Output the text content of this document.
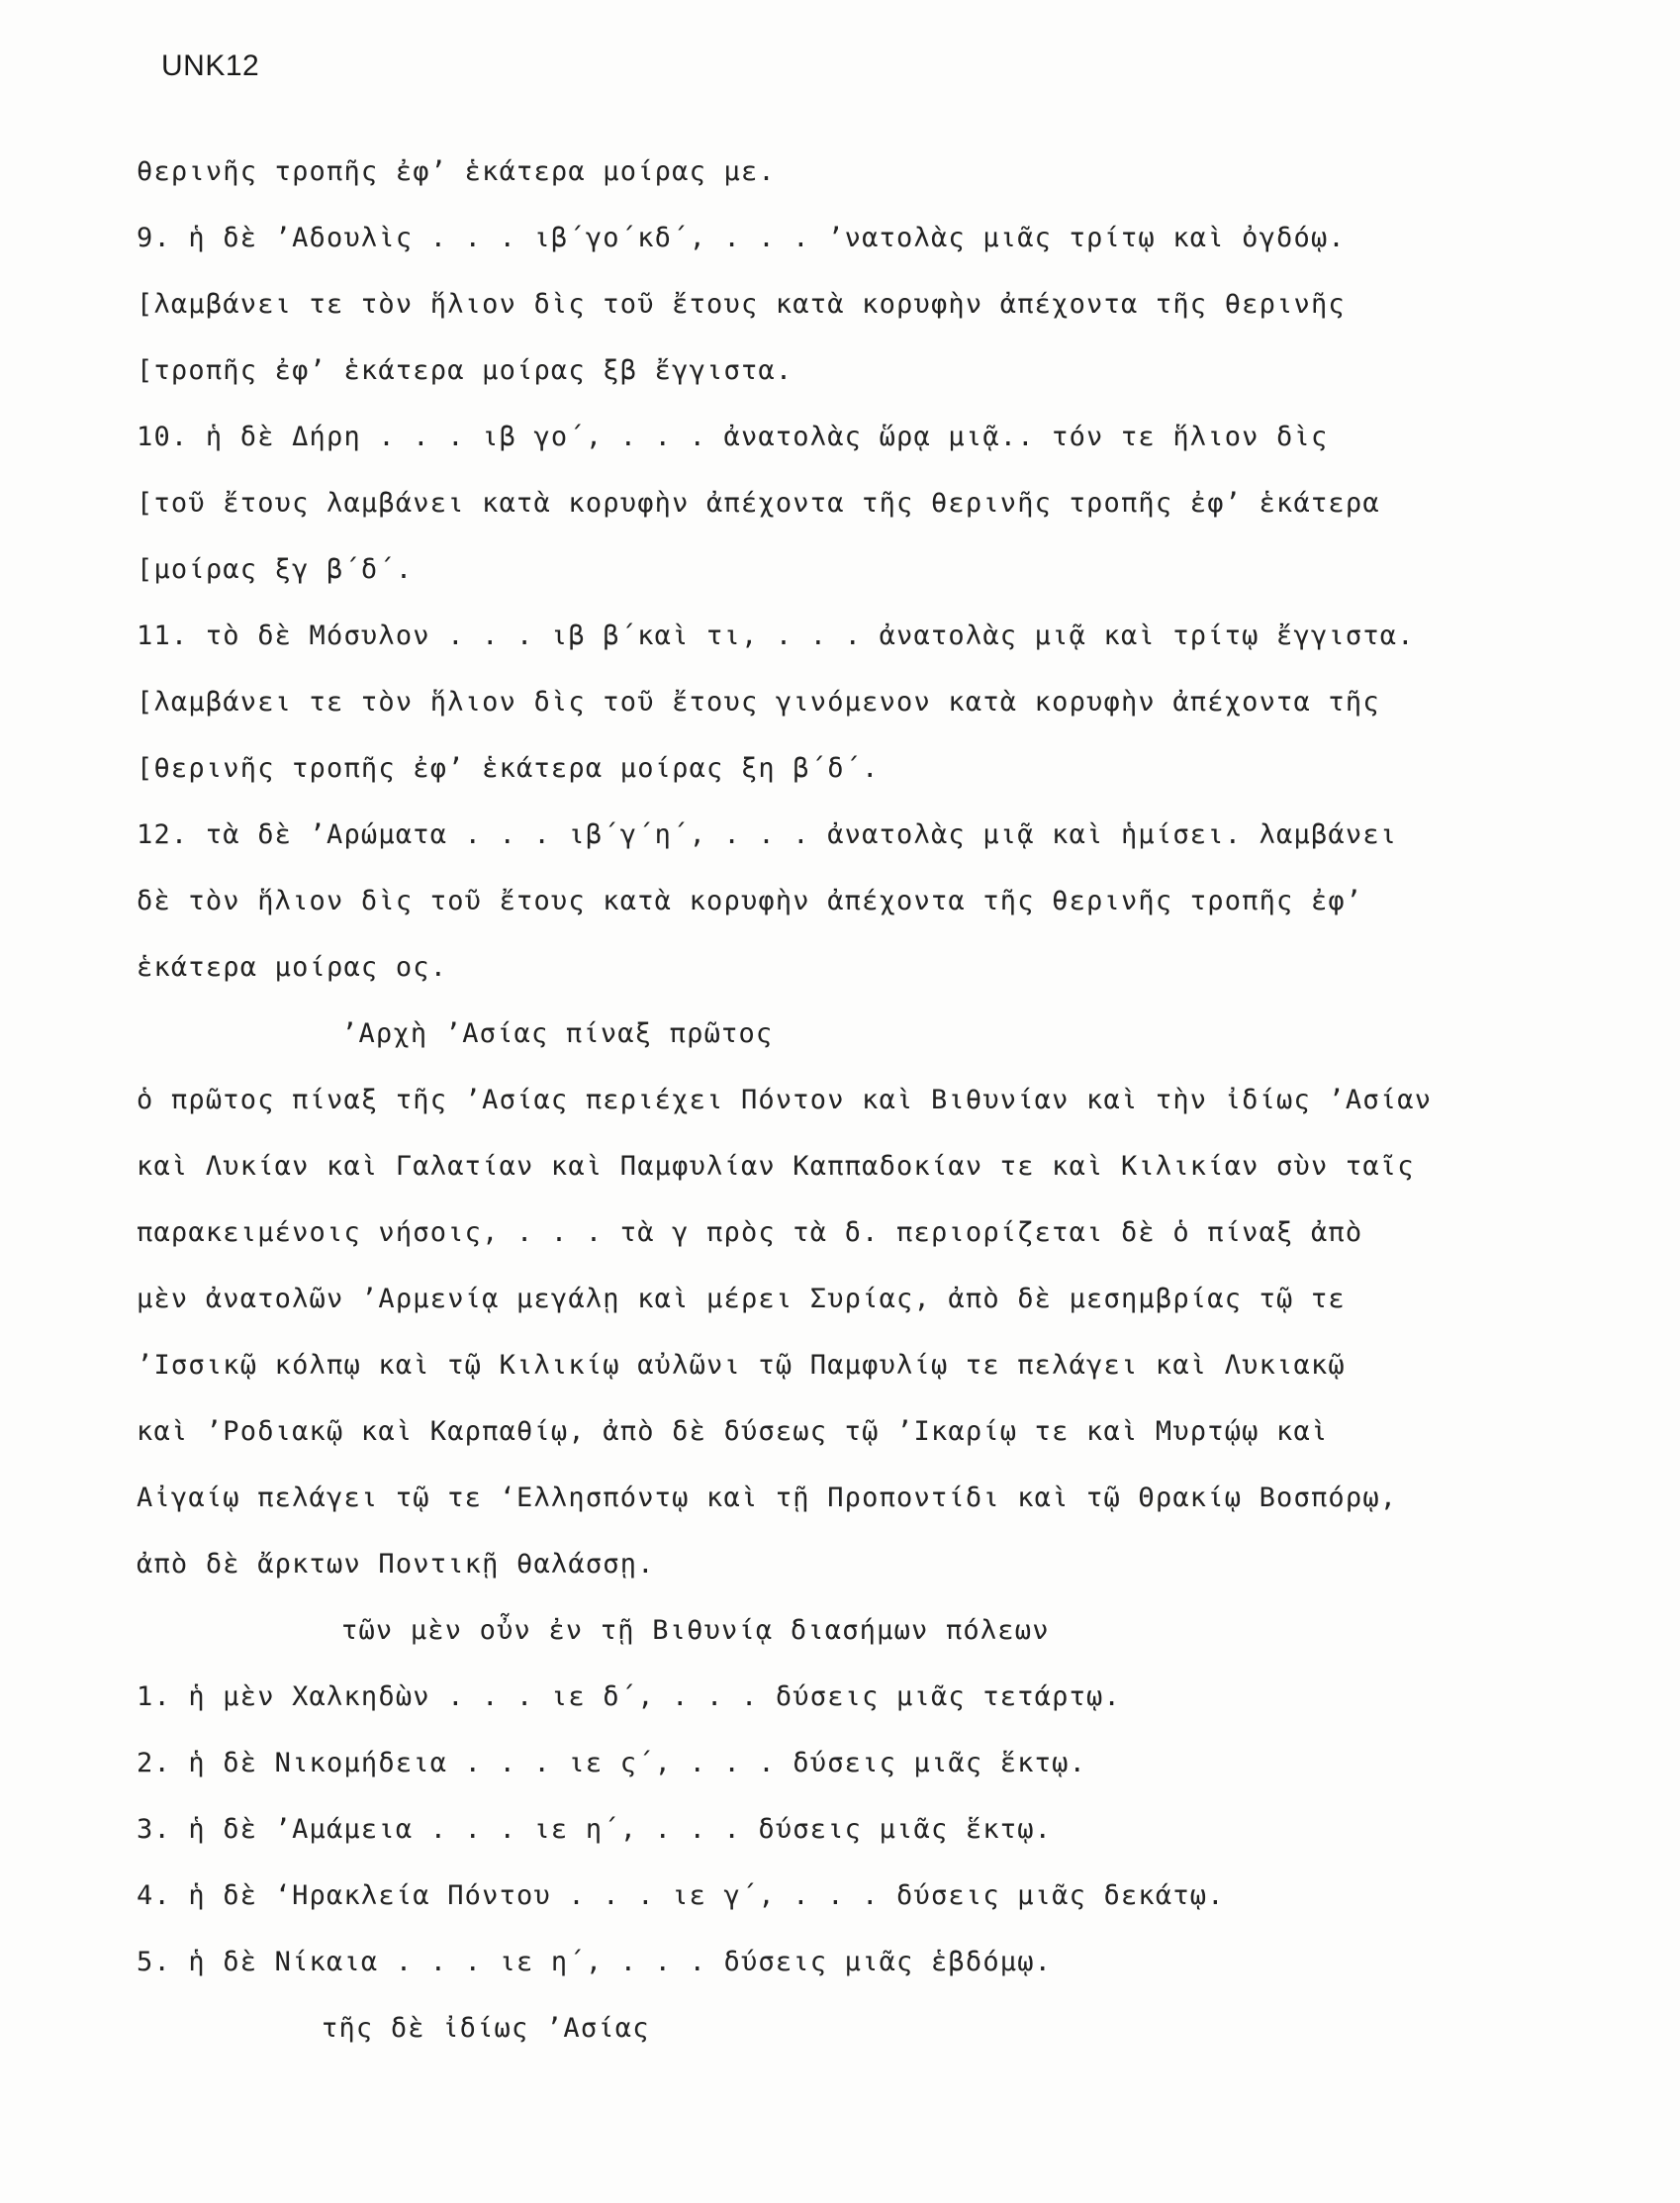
UNK12
θερινῆς τροπῆς ἐφ’ ἑκάτερα μοίρας με.
9. ἡ δὲ ’Αδουλὶς . . . ιβ΄γο΄κδ΄, . . . ’νατολὰς μιᾶς τρίτῳ καὶ ὀγδόῳ.
[λαμβάνει τε τὸν ἥλιον δὶς τοῦ ἔτους κατὰ κορυφὴν ἀπέχοντα τῆς θερινῆς
[τροπῆς ἐφ’ ἑκάτερα μοίρας ξβ ἔγγιστα.
10. ἡ δὲ Δήρη . . . ιβ γο΄, . . . ἀνατολὰς ὥρᾳ μιᾷ.. τόν τε ἥλιον δὶς
[τοῦ ἔτους λαμβάνει κατὰ κορυφὴν ἀπέχοντα τῆς θερινῆς τροπῆς ἐφ’ ἑκάτερα
[μοίρας ξγ β΄δ΄.
11. τὸ δὲ Μόσυλον . . . ιβ β΄καὶ τι, . . . ἀνατολὰς μιᾷ καὶ τρίτῳ ἔγγιστα.
[λαμβάνει τε τὸν ἥλιον δὶς τοῦ ἔτους γινόμενον κατὰ κορυφὴν ἀπέχοντα τῆς
[θερινῆς τροπῆς ἐφ’ ἑκάτερα μοίρας ξη β΄δ΄.
12. τὰ δὲ ’Αρώματα . . . ιβ΄γ΄η΄, . . . ἀνατολὰς μιᾷ καὶ ἡμίσει. λαμβάνει
δὲ τὸν ἥλιον δὶς τοῦ ἔτους κατὰ κορυφὴν ἀπέχοντα τῆς θερινῆς τροπῆς ἐφ’
ἑκάτερα μοίρας ος.
’Αρχὴ ’Ασίας πίναξ πρῶτος
ὁ πρῶτος πίναξ τῆς ’Ασίας περιέχει Πόντον καὶ Βιθυνίαν καὶ τὴν ἰδίως ’Ασίαν
καὶ Λυκίαν καὶ Γαλατίαν καὶ Παμφυλίαν Καππαδοκίαν τε καὶ Κιλικίαν σὺν ταῖς
παρακειμένοις νήσοις, . . . τὰ γ πρὸς τὰ δ. περιορίζεται δὲ ὁ πίναξ ἀπὸ
μὲν ἀνατολῶν ’Αρμενίᾳ μεγάλῃ καὶ μέρει Συρίας, ἀπὸ δὲ μεσημβρίας τῷ τε
’Ισσικῷ κόλπῳ καὶ τῷ Κιλικίῳ αὐλῶνι τῷ Παμφυλίῳ τε πελάγει καὶ Λυκιακῷ
καὶ ’Ροδιακῷ καὶ Καρπαθίῳ, ἀπὸ δὲ δύσεως τῷ ’Ικαρίῳ τε καὶ Μυρτῴῳ καὶ
Αἰγαίῳ πελάγει τῷ τε ‘Ελλησπόντῳ καὶ τῇ Προποντίδι καὶ τῷ Θρακίῳ Βοσπόρῳ,
ἀπὸ δὲ ἄρκτων Ποντικῇ θαλάσσῃ.
τῶν μὲν οὖν ἐν τῇ Βιθυνίᾳ διασήμων πόλεων
1. ἡ μὲν Χαλκηδὼν . . . ιε δ΄, . . . δύσεις μιᾶς τετάρτῳ.
2. ἡ δὲ Νικομήδεια . . . ιε ς΄, . . . δύσεις μιᾶς ἕκτῳ.
3. ἡ δὲ ’Αμάμεια . . . ιε η΄, . . . δύσεις μιᾶς ἕκτῳ.
4. ἡ δὲ ‘Ηρακλεία Πόντου . . . ιε γ΄, . . . δύσεις μιᾶς δεκάτῳ.
5. ἡ δὲ Νίκαια . . . ιε η΄, . . . δύσεις μιᾶς ἑβδόμῳ.
τῆς δὲ ἰδίως ’Ασίας
